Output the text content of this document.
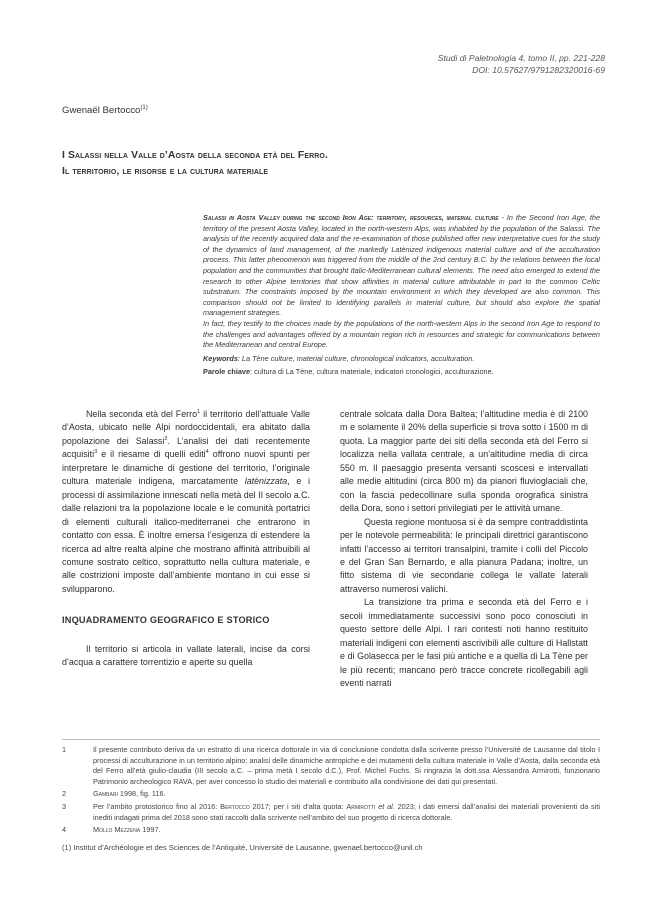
Studi di Paletnologia 4, tomo II, pp. 221-228
DOI: 10.57627/9791282320016-69
Gwenaël Bertocco$^{(1)}$
I Salassi nella Valle d’Aosta della seconda età del Ferro.
Il territorio, le risorse e la cultura materiale

Salassi in Aosta Valley during the second Iron Age: territory, resources, material culture - In the Second Iron Age, the territory of the present Aosta Valley, located in the north-western Alps, was inhabited by the population of the Salassi. The analysis of the recently acquired data and the re-examination of those published offer new interpretative cues for the study of the dynamics of land management, of the markedly Latènized indigenous material culture and of the acculturation process. This latter phenomenon was triggered from the middle of the 2nd century B.C. by the relations between the local population and the communities that brought Italic-Mediterranean cultural elements. The need also emerged to extend the research to other Alpine territories that show affinities in material culture attributable in part to the common Celtic substratum. The constraints imposed by the mountain environment in which they developed are also common. This comparison should not be limited to identifying parallels in material culture, but should also explore the spatial management strategies.

In fact, they testify to the choices made by the populations of the north-western Alps in the second Iron Age to respond to the challenges and advantages offered by a mountain region rich in resources and strategic for communications between the Mediterranean and central Europe.

Keywords: La Tène culture, material culture, chronological indicators, acculturation.

Parole chiave: cultura di La Tène, cultura materiale, indicatori cronologici, acculturazione.

Nella seconda età del Ferro$^1$ il territorio dell’attuale Valle d’Aosta, ubicato nelle Alpi nordoccidentali, era abitato dalla popolazione dei Salassi$^2$. L’analisi dei dati recentemente acquisiti$^3$ e il riesame di quelli editi$^4$ offrono nuovi spunti per interpretare le dinamiche di gestione del territorio, l’originale cultura materiale indigena, marcatamente latènizzata, e i processi di assimilazione innescati nella metà del II secolo a.C. dalle relazioni tra la popolazione locale e le comunità portatrici di elementi culturali italico-mediterranei che entrarono in contatto con essa. È inoltre emersa l’esigenza di estendere la ricerca ad altre realtà alpine che mostrano affinità attribuibili al comune sostrato celtico, soprattutto nella cultura materiale, e alle costrizioni imposte dall’ambiente montano in cui esse si svilupparono.

INQUADRAMENTO GEOGRAFICO E STORICO

Il territorio si articola in vallate laterali, incise da corsi d’acqua a carattere torrentizio e aperte su quella

centrale solcata dalla Dora Baltea; l’altitudine media è di 2100 m e solamente il 20% della superficie si trova sotto i 1500 m di quota. La maggior parte dei siti della seconda età del Ferro si localizza nella vallata centrale, a un’altitudine media di circa 550 m. Il paesaggio presenta versanti scoscesi e intervallati alle medie altitudini (circa 800 m) da pianori fluvioglaciali che, con la fascia pedecollinare sulla sponda orografica sinistra della Dora, sono i settori privilegiati per le attività umane.

Questa regione montuosa si è da sempre contraddistinta per le notevole permeabilità: le principali direttrici garantiscono infatti l’accesso ai territori transalpini, tramite i colli del Piccolo e del Gran San Bernardo, e alla pianura Padana; inoltre, un fitto sistema di vie secondarie collega le vallate laterali attraverso numerosi valichi.

La transizione tra prima e seconda età del Ferro e i secoli immediatamente successivi sono poco conosciuti in questo settore delle Alpi. I rari contesti noti hanno restituito materiali indigeni con elementi ascrivibili alle culture di Hallstatt e di Golasecca per le fasi più antiche e a quella di La Tène per le più recenti; mancano però tracce concrete ricollegabili agli eventi narrati

1	Il presente contributo deriva da un estratto di una ricerca dottorale in via di conclusione condotta dalla scrivente presso l’Université de Lausanne dal titolo I processi di acculturazione in un territorio alpino: analisi delle dinamiche antropiche e dei mutamenti della cultura materiale in Valle d’Aosta, dalla seconda età del Ferro all’età giulio-claudia (III secolo a.C. – prima metà I secolo d.C.), Prof. Michel Fuchs. Si ringrazia la dott.ssa Alessandra Armirotti, funzionario Patrimonio archeologico RAVA, per aver concesso lo studio dei materiali e contribuito alla condivisione dei dati qui presentati.
2	Gambari 1998, fig. 116.
3	Per l’ambito protostorico fino al 2016: Bertocco 2017; per i siti d’alta quota: Armirotti et al. 2023; i dati emersi dall’analisi dei materiali provenienti da siti inediti indagati prima del 2018 sono stati raccolti dalla scrivente nell’ambito del suo progetto di ricerca dottorale.
4	Mollo Mezzena 1997.
(1) Institut d’Archéologie et des Sciences de l’Antiquité, Université de Lausanne, gwenael.bertocco@unil.ch
